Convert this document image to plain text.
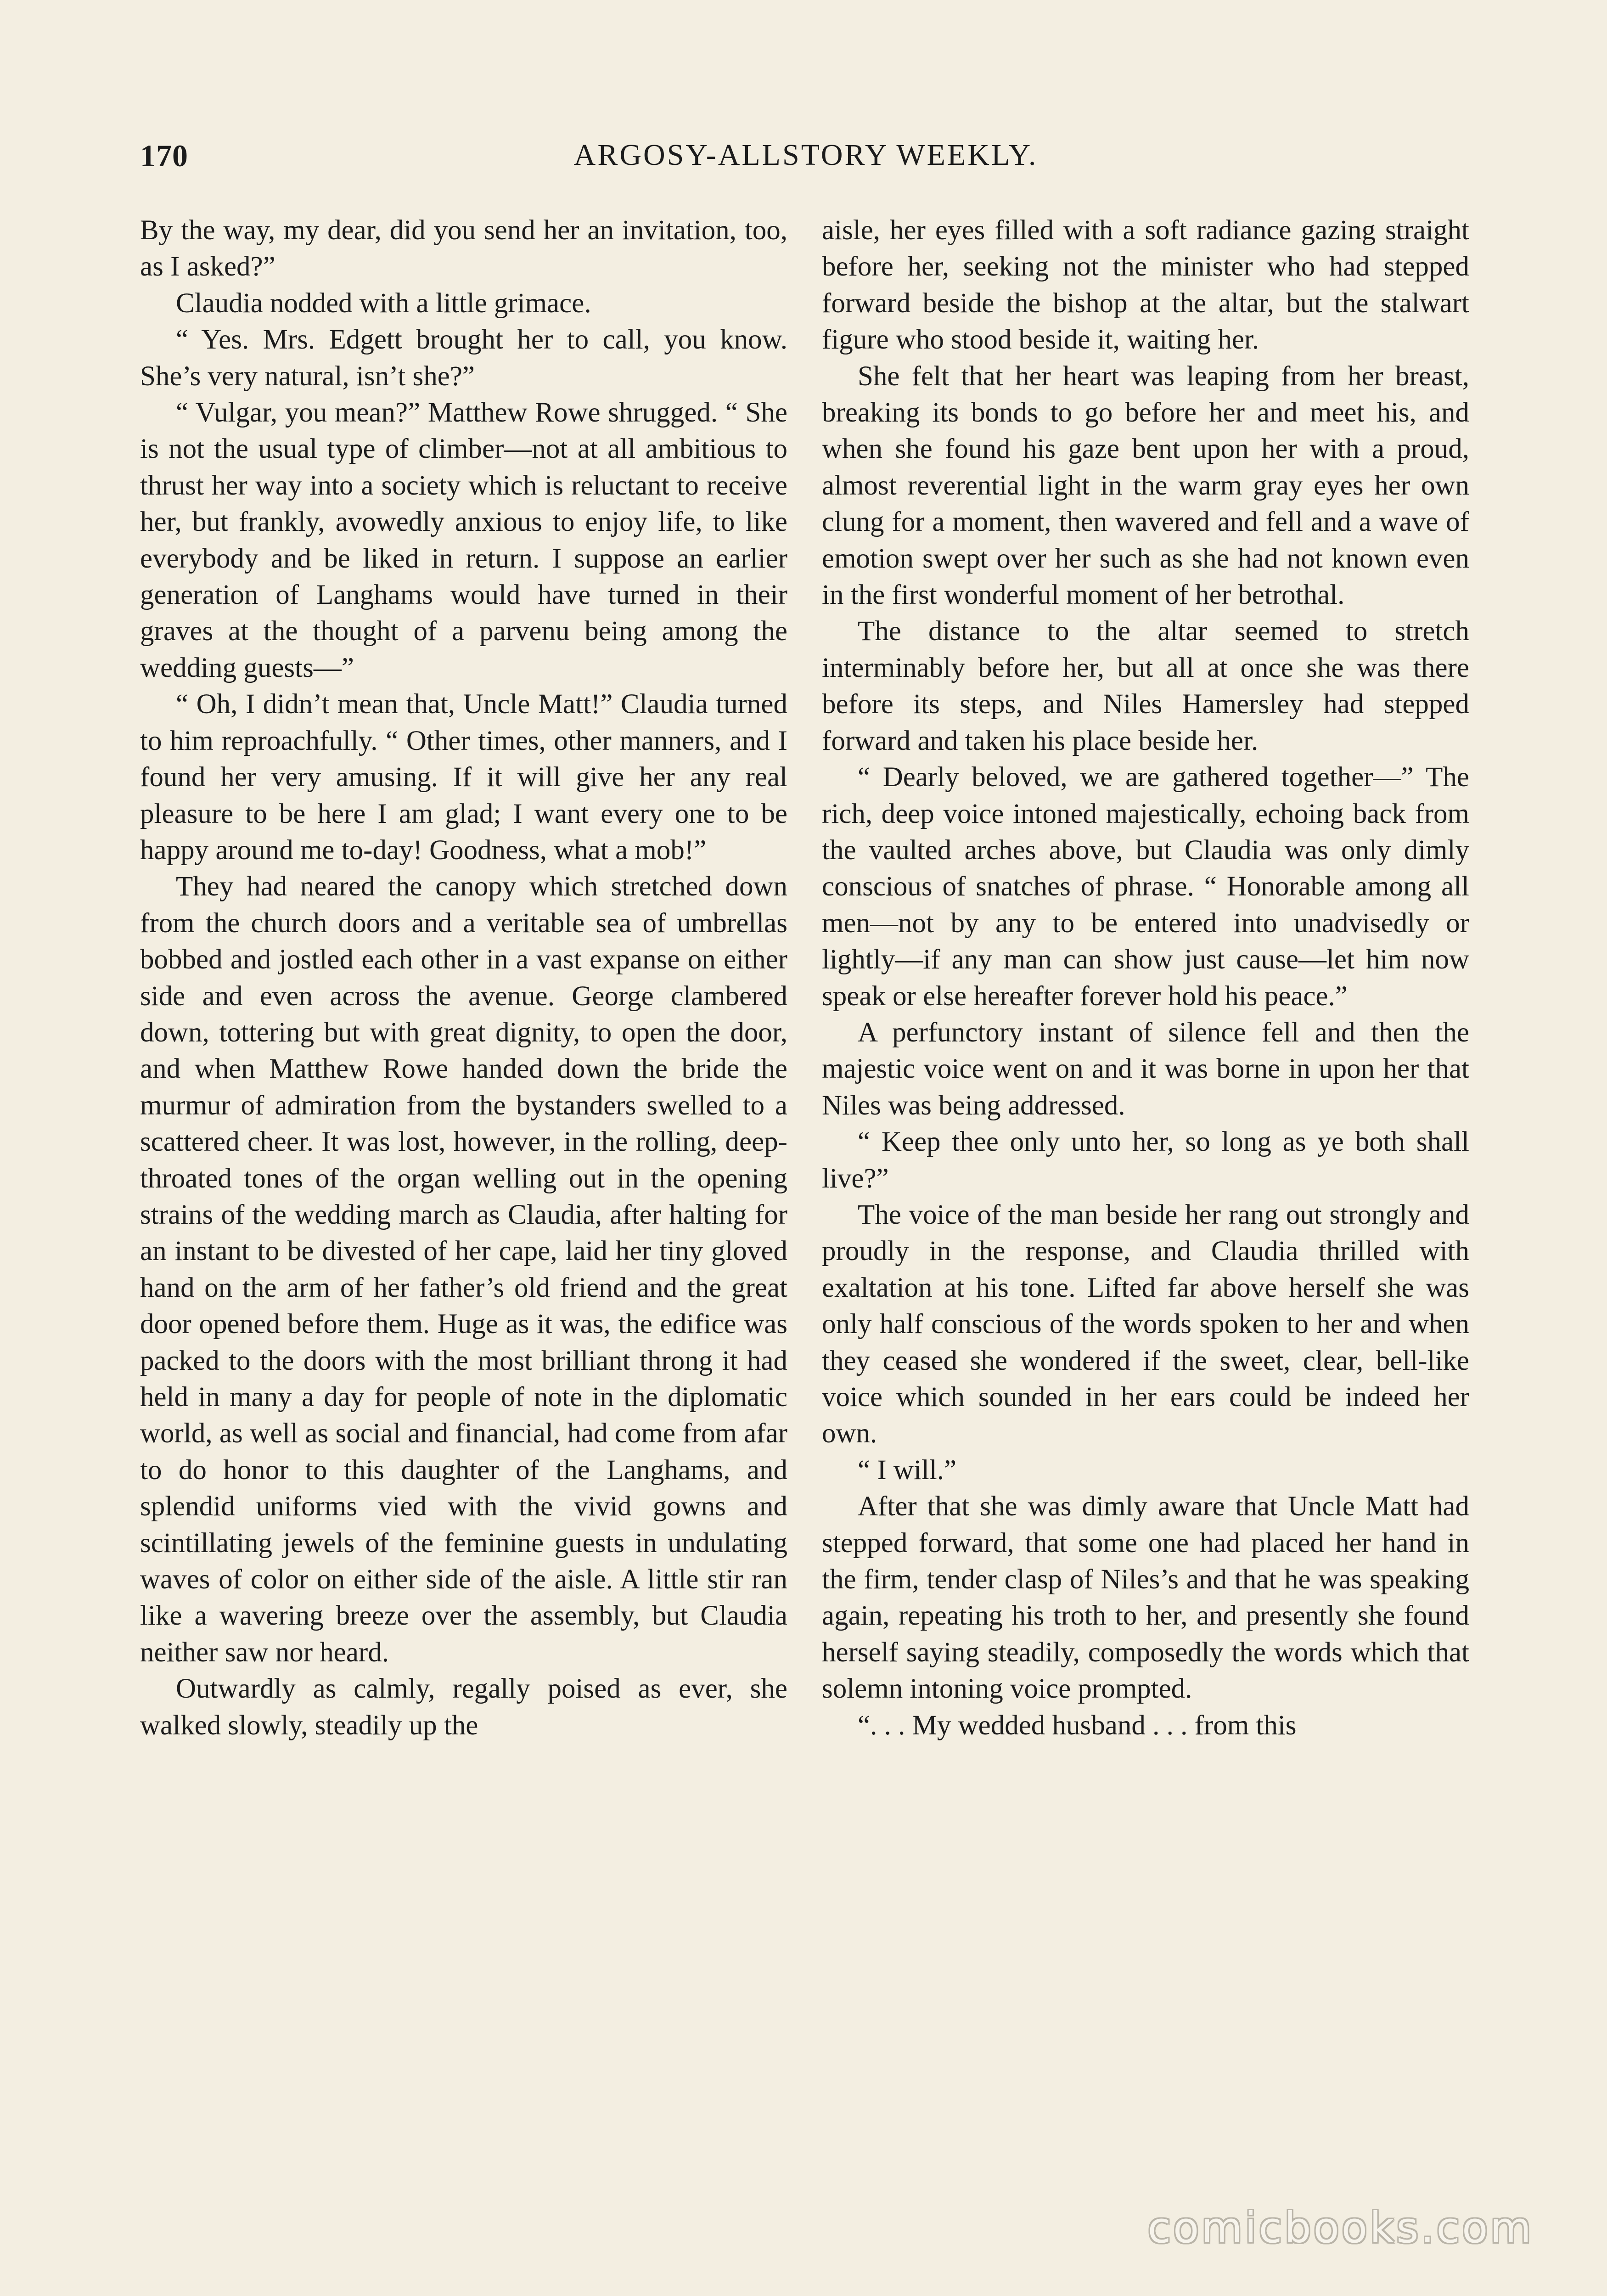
170	ARGOSY-ALLSTORY WEEKLY.

By the way, my dear, did you send her an invitation, too, as I asked?”

Claudia nodded with a little grimace.

“ Yes. Mrs. Edgett brought her to call, you know. She’s very natural, isn’t she?”

“ Vulgar, you mean?” Matthew Rowe shrugged. “ She is not the usual type of climber—not at all ambitious to thrust her way into a society which is reluctant to receive her, but frankly, avowedly anxious to enjoy life, to like everybody and be liked in return. I suppose an earlier generation of Langhams would have turned in their graves at the thought of a parvenu being among the wedding guests—”

“ Oh, I didn’t mean that, Uncle Matt!” Claudia turned to him reproachfully. “ Other times, other manners, and I found her very amusing. If it will give her any real pleasure to be here I am glad; I want every one to be happy around me to-day! Goodness, what a mob!”

They had neared the canopy which stretched down from the church doors and a veritable sea of umbrellas bobbed and jostled each other in a vast expanse on either side and even across the avenue. George clambered down, tottering but with great dignity, to open the door, and when Matthew Rowe handed down the bride the murmur of admiration from the bystanders swelled to a scattered cheer. It was lost, however, in the rolling, deep-throated tones of the organ welling out in the opening strains of the wedding march as Claudia, after halting for an instant to be divested of her cape, laid her tiny gloved hand on the arm of her father’s old friend and the great door opened before them. Huge as it was, the edifice was packed to the doors with the most brilliant throng it had held in many a day for people of note in the diplomatic world, as well as social and financial, had come from afar to do honor to this daughter of the Langhams, and splendid uniforms vied with the vivid gowns and scintillating jewels of the feminine guests in undulating waves of color on either side of the aisle. A little stir ran like a wavering breeze over the assembly, but Claudia neither saw nor heard.

Outwardly as calmly, regally poised as ever, she walked slowly, steadily up the

aisle, her eyes filled with a soft radiance gazing straight before her, seeking not the minister who had stepped forward beside the bishop at the altar, but the stalwart figure who stood beside it, waiting her.

She felt that her heart was leaping from her breast, breaking its bonds to go before her and meet his, and when she found his gaze bent upon her with a proud, almost reverential light in the warm gray eyes her own clung for a moment, then wavered and fell and a wave of emotion swept over her such as she had not known even in the first wonderful moment of her betrothal.

The distance to the altar seemed to stretch interminably before her, but all at once she was there before its steps, and Niles Hamersley had stepped forward and taken his place beside her.

“ Dearly beloved, we are gathered together—” The rich, deep voice intoned majestically, echoing back from the vaulted arches above, but Claudia was only dimly conscious of snatches of phrase. “ Honorable among all men—not by any to be entered into unadvisedly or lightly—if any man can show just cause—let him now speak or else hereafter forever hold his peace.”

A perfunctory instant of silence fell and then the majestic voice went on and it was borne in upon her that Niles was being addressed.

“ Keep thee only unto her, so long as ye both shall live?”

The voice of the man beside her rang out strongly and proudly in the response, and Claudia thrilled with exaltation at his tone. Lifted far above herself she was only half conscious of the words spoken to her and when they ceased she wondered if the sweet, clear, bell-like voice which sounded in her ears could be indeed her own.

“ I will.”

After that she was dimly aware that Uncle Matt had stepped forward, that some one had placed her hand in the firm, tender clasp of Niles’s and that he was speaking again, repeating his troth to her, and presently she found herself saying steadily, composedly the words which that solemn intoning voice prompted.

“. . . My wedded husband . . . from this

comicbooks.com
